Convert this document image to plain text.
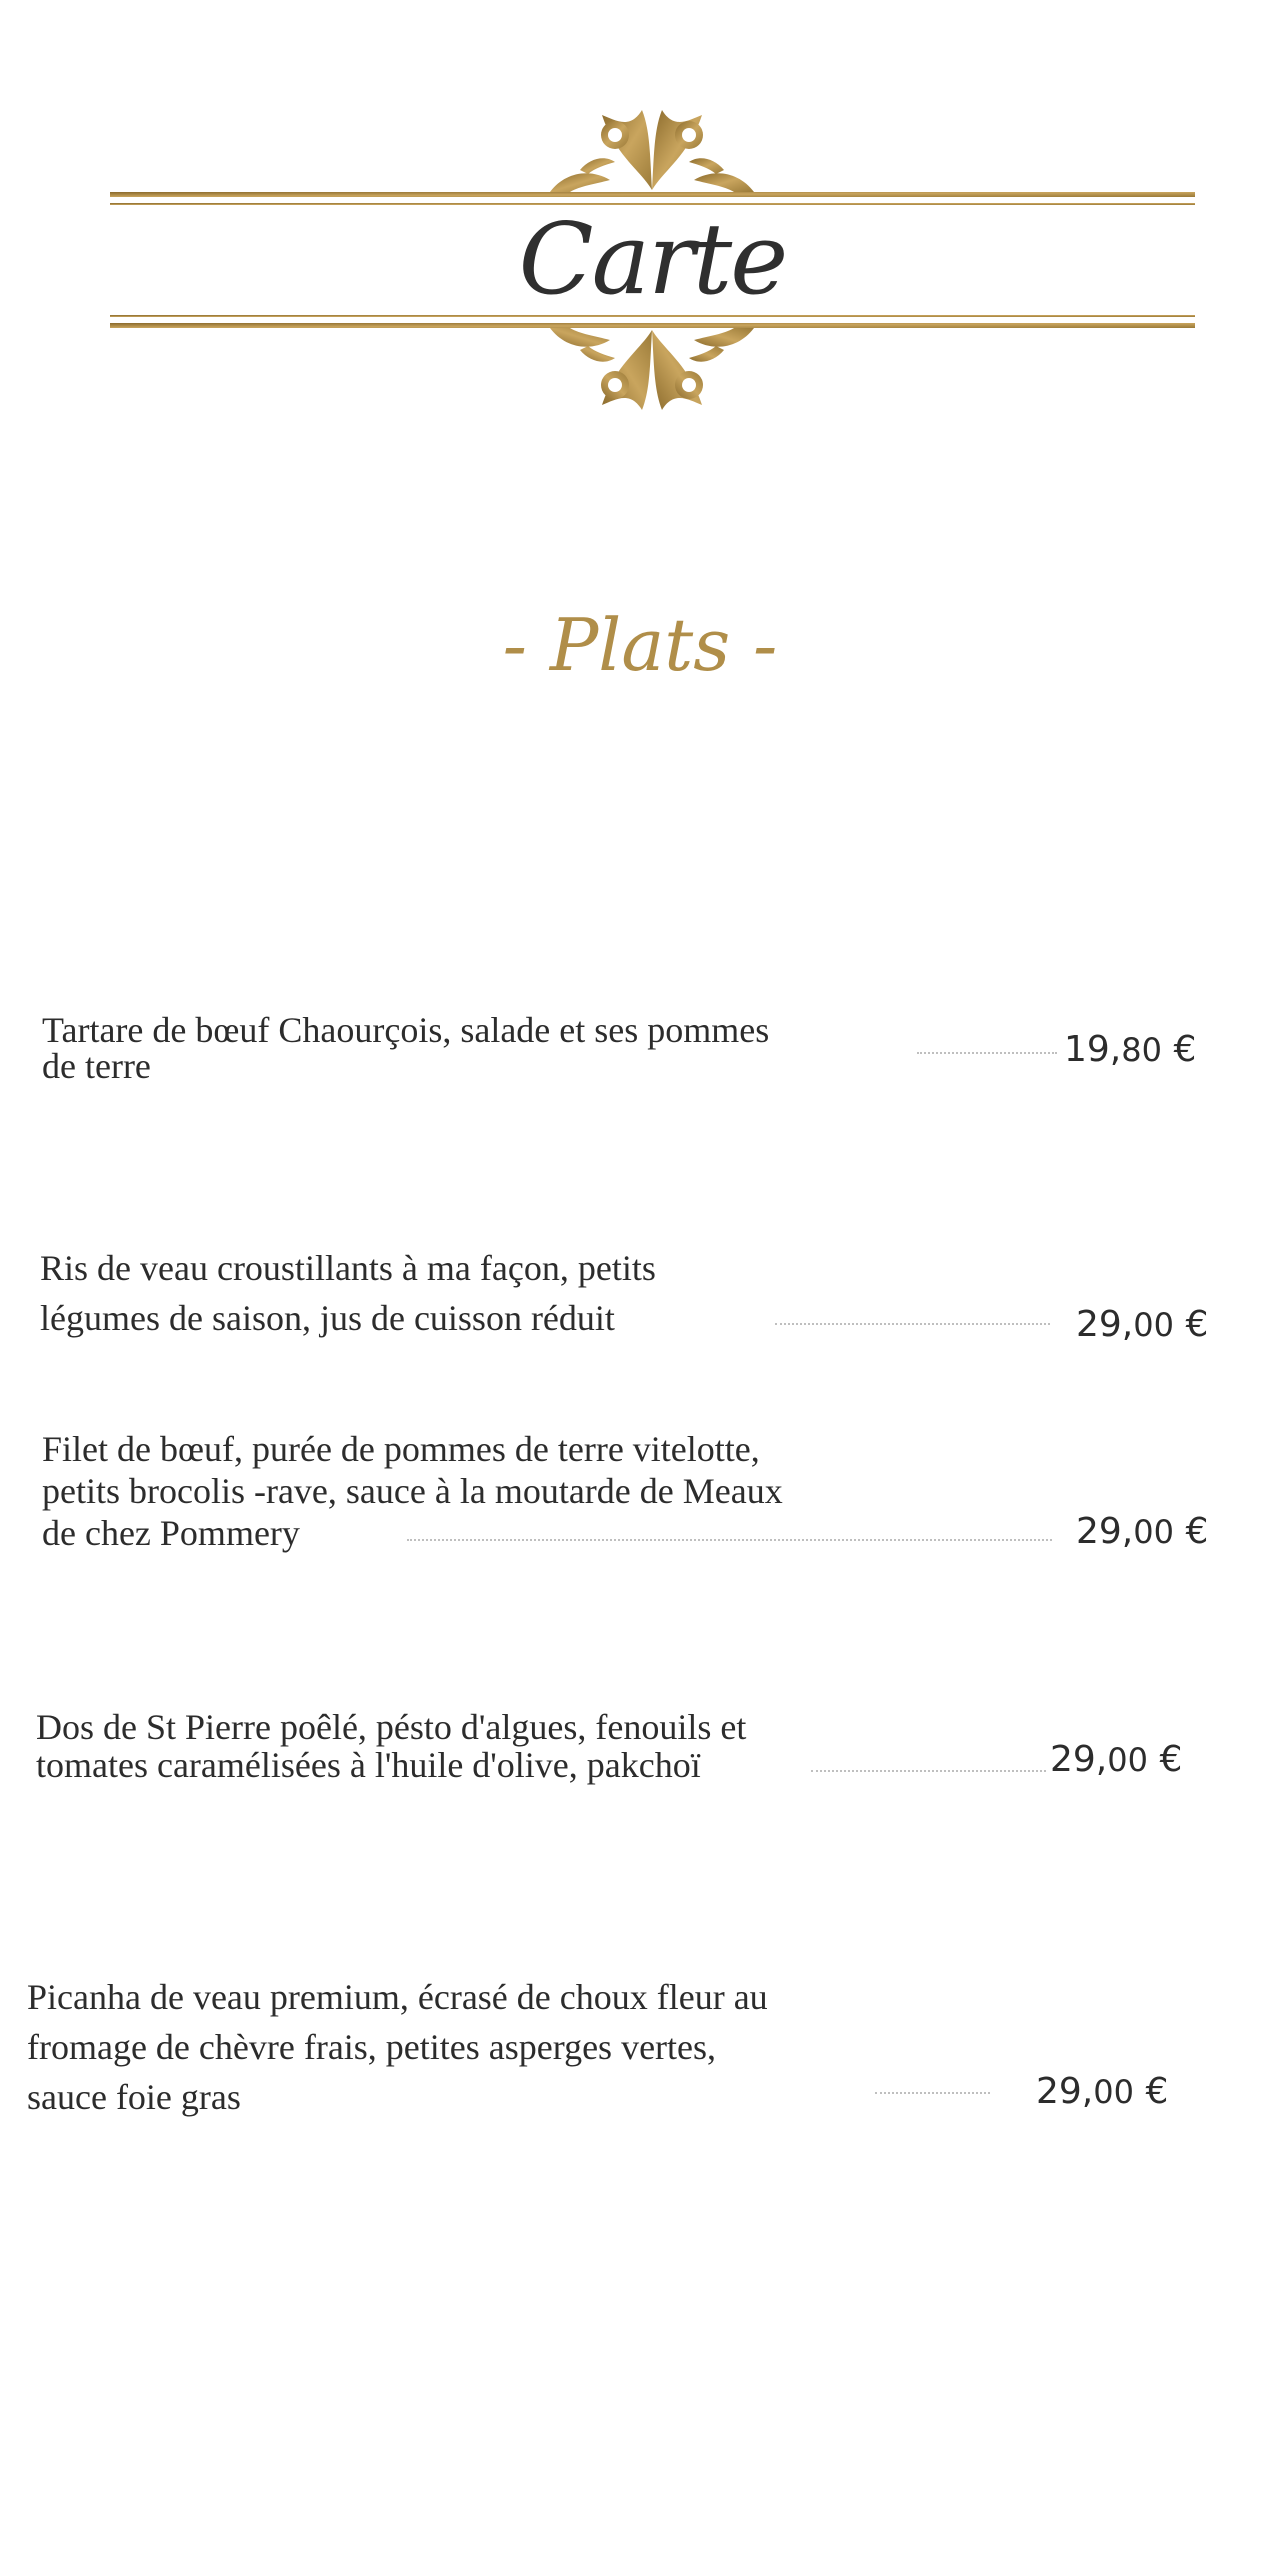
Carte
- Plats -
Tartare de bœuf Chaourçois, salade et ses pommes
de terre	19,80 €
Ris de veau croustillants à ma façon, petits
légumes de saison, jus de cuisson réduit	29,00 €
Filet de bœuf, purée de pommes de terre vitelotte,
petits brocolis -rave, sauce à la moutarde de Meaux
de chez Pommery	29,00 €
Dos de St Pierre poêlé, pésto d'algues, fenouils et
tomates caramélisées à l'huile d'olive, pakchoï	29,00 €
Picanha de veau premium, écrasé de choux fleur au
fromage de chèvre frais, petites asperges vertes,
sauce foie gras	29,00 €
